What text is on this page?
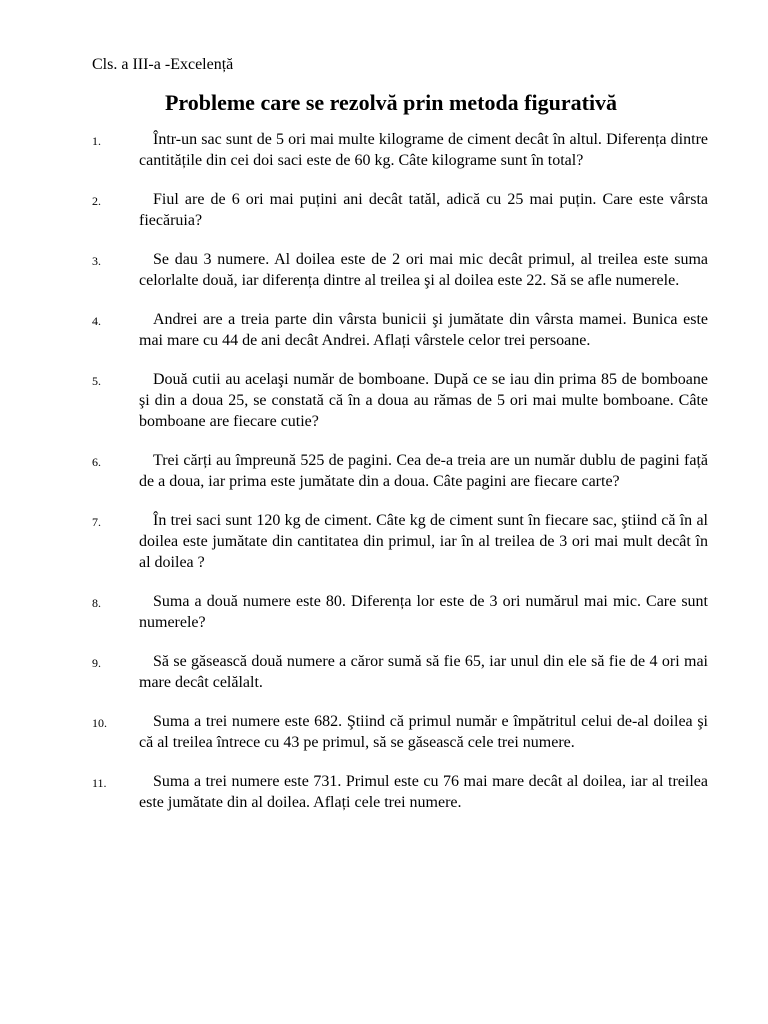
Cls. a III-a -Excelență

Probleme care se rezolvă prin metoda figurativă
1.	Într-un sac sunt de 5 ori mai multe kilograme de ciment decât în altul. Diferența dintre cantitățile din cei doi saci este de 60 kg. Câte kilograme sunt în total?
2.	Fiul are de 6 ori mai puțini ani decât tatăl, adică cu 25 mai puțin. Care este vârsta fiecăruia?
3.	Se dau 3 numere. Al doilea este de 2 ori mai mic decât primul, al treilea este suma celorlalte două, iar diferența dintre al treilea şi al doilea este 22. Să se afle numerele.
4.	Andrei are a treia parte din vârsta bunicii şi jumătate din vârsta mamei. Bunica este mai mare cu 44 de ani decât Andrei. Aflați vârstele celor trei persoane.
5.	Două cutii au acelaşi număr de bomboane. După ce se iau din prima 85 de bomboane şi din a doua 25, se constată că în a doua au rămas de 5 ori mai multe bomboane. Câte bomboane are fiecare cutie?
6.	Trei cărți au împreună 525 de pagini. Cea de-a treia are un număr dublu de pagini față de a doua, iar prima este jumătate din a doua. Câte pagini are fiecare carte?
7.	În trei saci sunt 120 kg de ciment. Câte kg de ciment sunt în fiecare sac, ştiind că în al doilea este jumătate din cantitatea din primul, iar în al treilea de 3 ori mai mult decât în al doilea ?
8.	Suma a două numere este 80. Diferența lor este de 3 ori numărul mai mic. Care sunt numerele?
9.	Să se găsească două numere a căror sumă să fie 65, iar unul din ele să fie de 4 ori mai mare decât celălalt.
10.	Suma a trei numere este 682. Ştiind că primul număr e împătritul celui de-al doilea şi că al treilea întrece cu 43 pe primul, să se găsească cele trei numere.
11.	Suma a trei numere este 731. Primul este cu 76 mai mare decât al doilea, iar al treilea este jumătate din al doilea. Aflați cele trei numere.
